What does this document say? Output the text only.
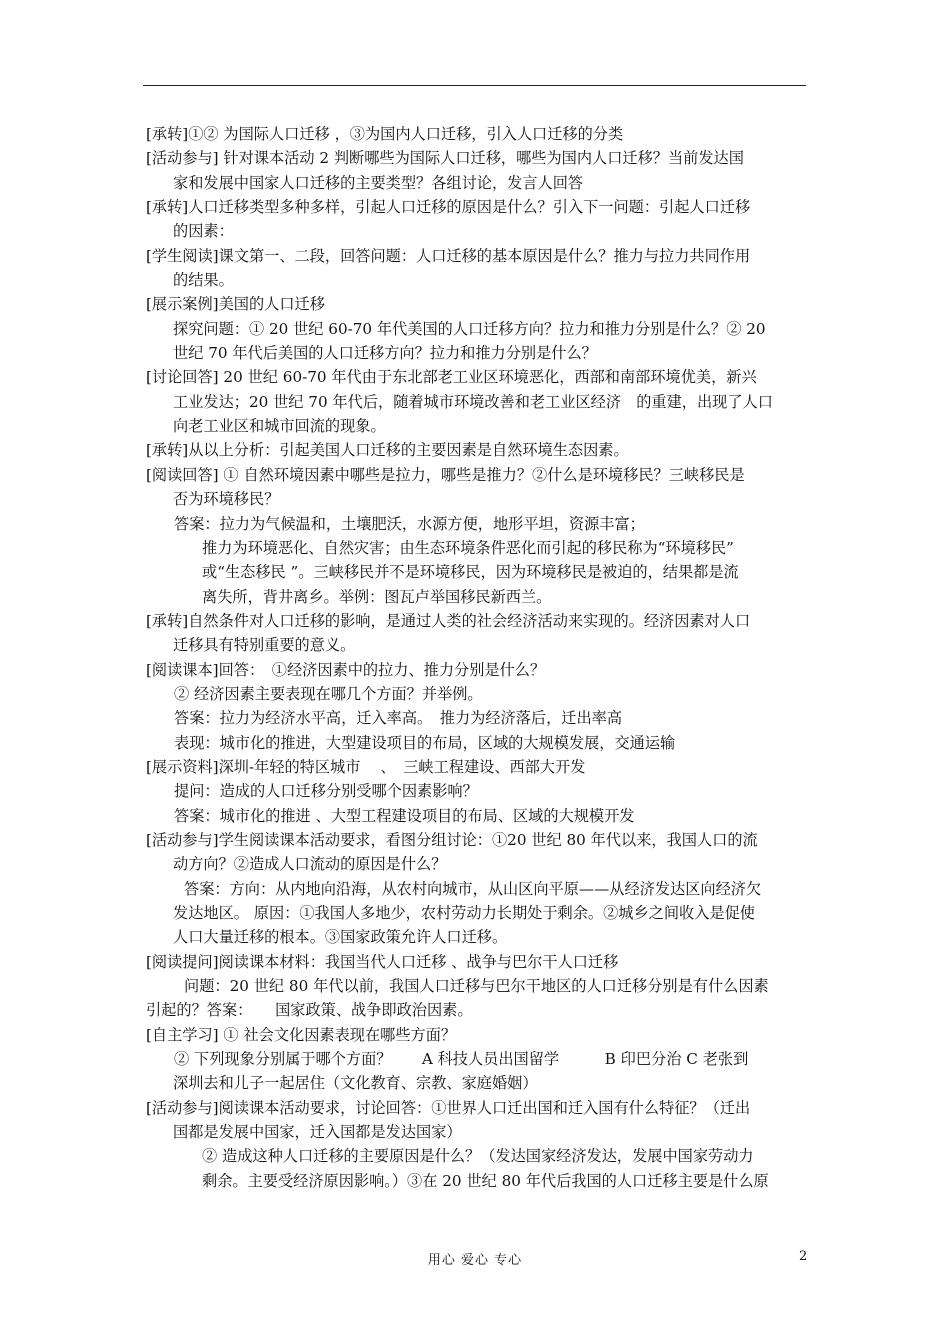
[承转]①② 为国际人口迁移 ，③为国内人口迁移，引入人口迁移的分类
[活动参与] 针对课本活动 2 判断哪些为国际人口迁移，哪些为国内人口迁移？当前发达国
家和发展中国家人口迁移的主要类型？各组讨论，发言人回答
[承转]人口迁移类型多种多样，引起人口迁移的原因是什么？引入下一问题：引起人口迁移
的因素：
[学生阅读]课文第一、二段，回答问题：人口迁移的基本原因是什么？推力与拉力共同作用
的结果。
[展示案例]美国的人口迁移
探究问题：① 20 世纪 60-70 年代美国的人口迁移方向？拉力和推力分别是什么？② 20
世纪 70 年代后美国的人口迁移方向？拉力和推力分别是什么？
[讨论回答] 20 世纪 60-70 年代由于东北部老工业区环境恶化，西部和南部环境优美，新兴
工业发达；20 世纪 70 年代后，随着城市环境改善和老工业区经济　的重建，出现了人口
向老工业区和城市回流的现象。
[承转]从以上分析：引起美国人口迁移的主要因素是自然环境生态因素。
[阅读回答] ① 自然环境因素中哪些是拉力，哪些是推力？②什么是环境移民？三峡移民是
否为环境移民？
答案：拉力为气候温和，土壤肥沃，水源方便，地形平坦，资源丰富；
推力为环境恶化、自然灾害；由生态环境条件恶化而引起的移民称为“环境移民”
或“生态移民 ”。三峡移民并不是环境移民，因为环境移民是被迫的，结果都是流
离失所，背井离乡。举例：图瓦卢举国移民新西兰。
[承转]自然条件对人口迁移的影响，是通过人类的社会经济活动来实现的。经济因素对人口
迁移具有特别重要的意义。
[阅读课本]回答：　①经济因素中的拉力、推力分别是什么？
② 经济因素主要表现在哪几个方面？并举例。
答案：拉力为经济水平高，迁入率高。　推力为经济落后，迁出率高
表现：城市化的推进，大型建设项目的布局，区域的大规模发展，交通运输
[展示资料]深圳-年轻的特区城市 　、　三峡工程建设、西部大开发
提问：造成的人口迁移分别受哪个因素影响？
答案：城市化的推进 、大型工程建设项目的布局、区域的大规模开发
[活动参与]学生阅读课本活动要求，看图分组讨论：①20 世纪 80 年代以来，我国人口的流
动方向？②造成人口流动的原因是什么？
答案：方向：从内地向沿海，从农村向城市，从山区向平原——从经济发达区向经济欠
发达地区。 原因：①我国人多地少，农村劳动力长期处于剩余。②城乡之间收入是促使
人口大量迁移的根本。③国家政策允许人口迁移。
[阅读提问]阅读课本材料：我国当代人口迁移 、战争与巴尔干人口迁移
问题：20 世纪 80 年代以前，我国人口迁移与巴尔干地区的人口迁移分别是有什么因素
引起的？答案：　　国家政策、战争即政治因素。
[自主学习] ① 社会文化因素表现在哪些方面？
② 下列现象分别属于哪个方面？　　A 科技人员出国留学　　　B 印巴分治 C 老张到
深圳去和儿子一起居住（文化教育、宗教、家庭婚姻）
[活动参与]阅读课本活动要求，讨论回答：①世界人口迁出国和迁入国有什么特征？（迁出
国都是发展中国家，迁入国都是发达国家）
② 造成这种人口迁移的主要原因是什么？（发达国家经济发达，发展中国家劳动力
剩余。主要受经济原因影响。）③在 20 世纪 80 年代后我国的人口迁移主要是什么原
用心 爱心 专心	2
